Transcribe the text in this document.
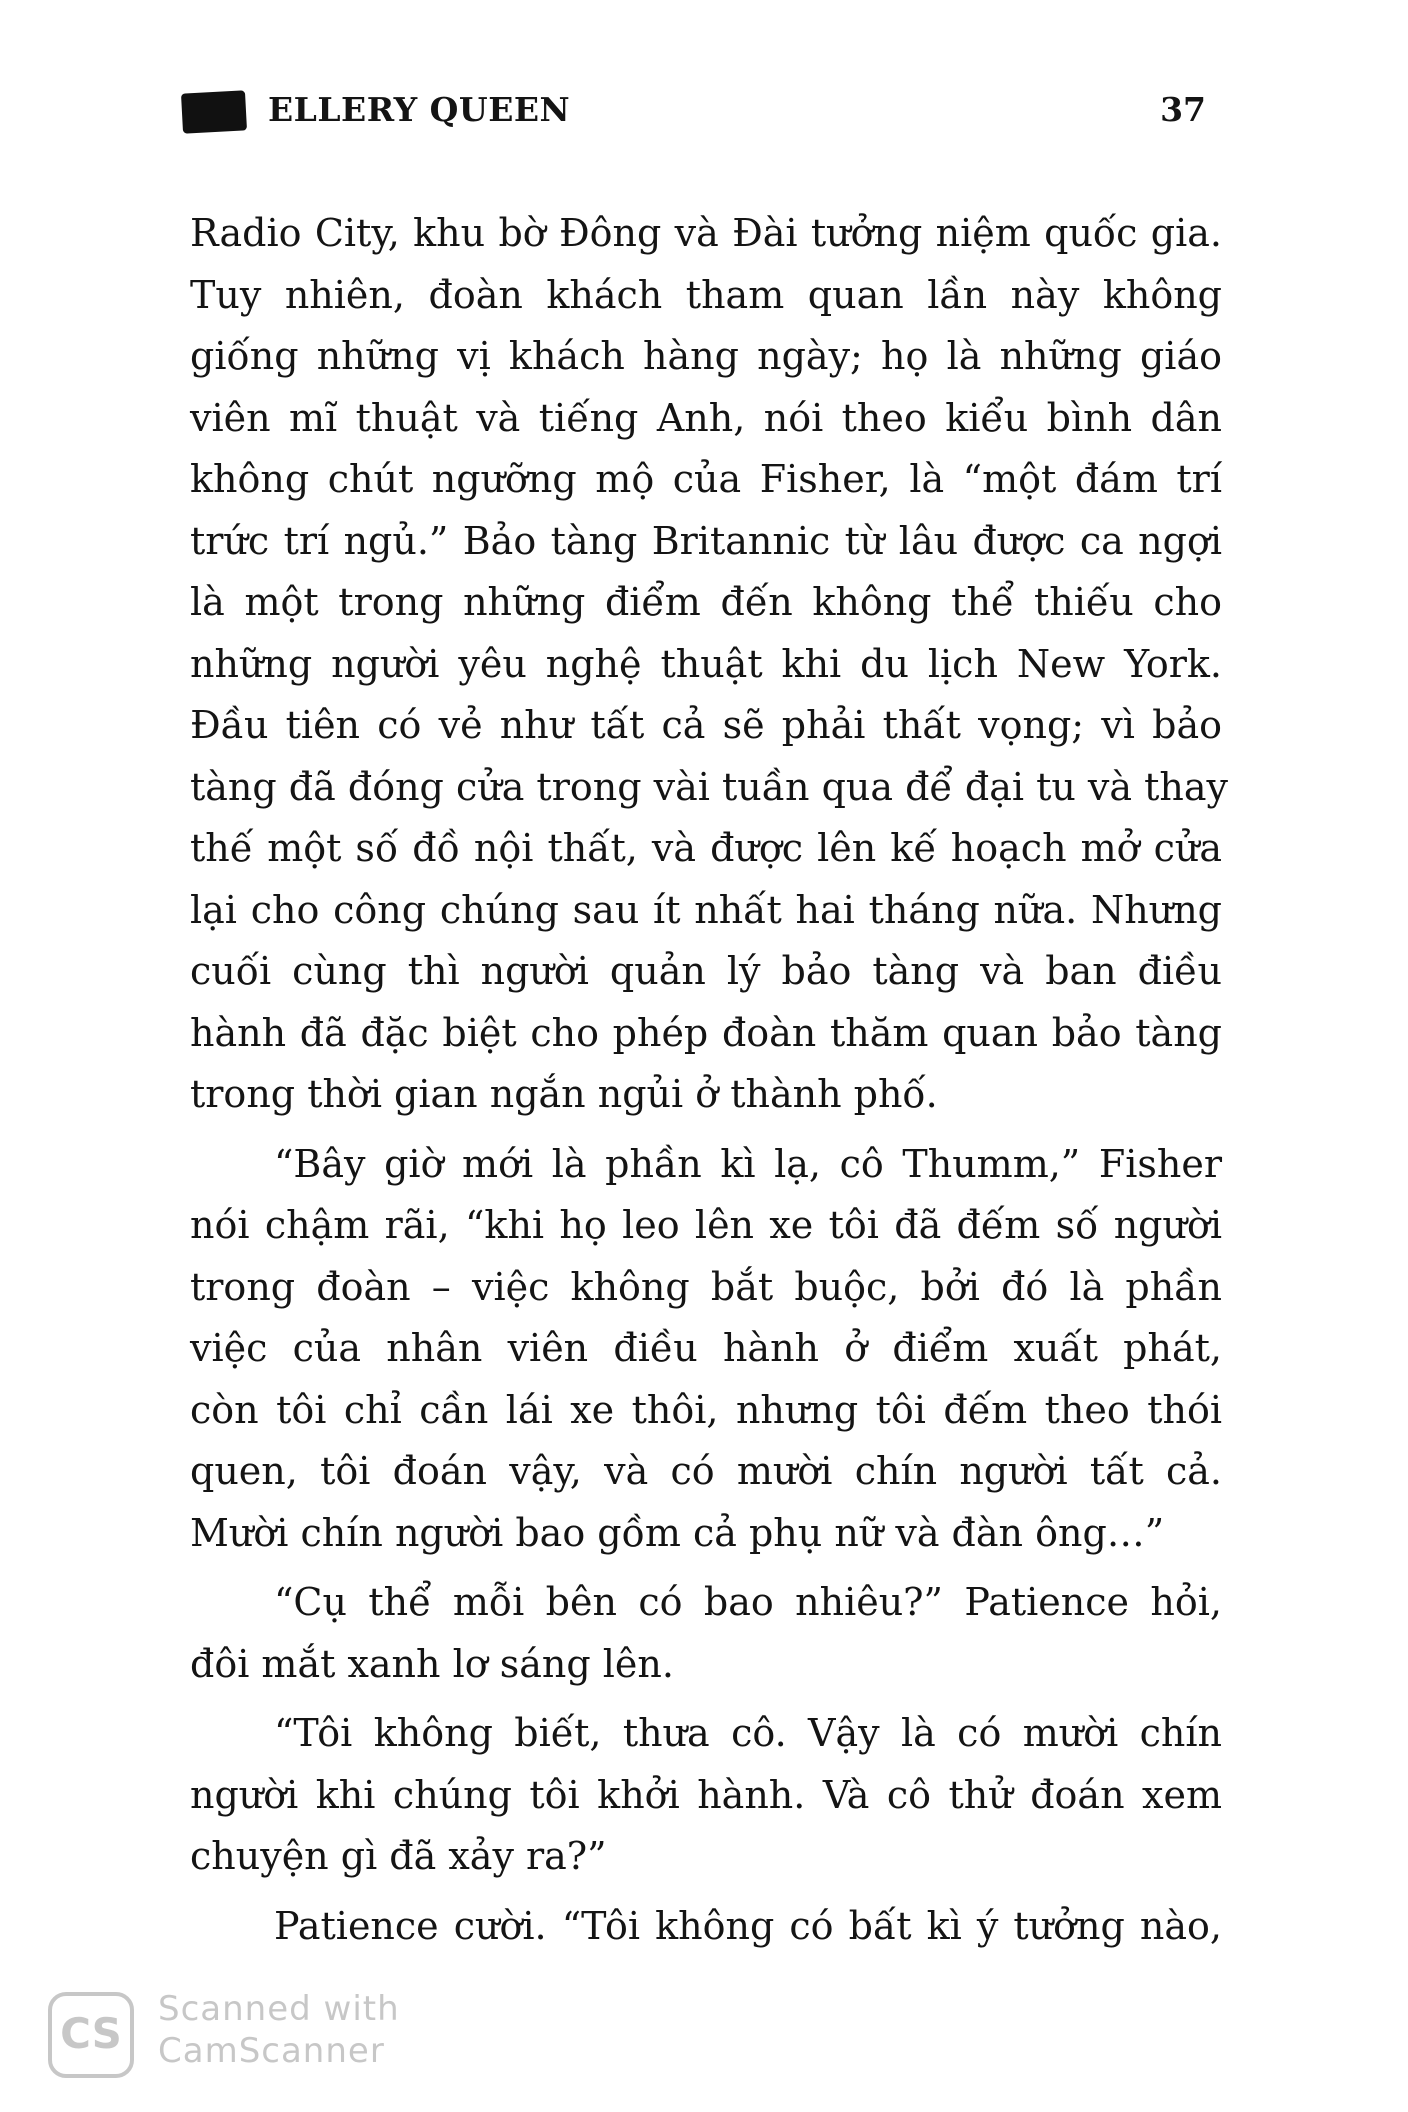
ELLERY QUEEN	37
Radio City, khu bờ Đông và Đài tưởng niệm quốc gia.
Tuy nhiên, đoàn khách tham quan lần này không
giống những vị khách hàng ngày; họ là những giáo
viên mĩ thuật và tiếng Anh, nói theo kiểu bình dân
không chút ngưỡng mộ của Fisher, là “một đám trí
trức trí ngủ.” Bảo tàng Britannic từ lâu được ca ngợi
là một trong những điểm đến không thể thiếu cho
những người yêu nghệ thuật khi du lịch New York.
Đầu tiên có vẻ như tất cả sẽ phải thất vọng; vì bảo
tàng đã đóng cửa trong vài tuần qua để đại tu và thay
thế một số đồ nội thất, và được lên kế hoạch mở cửa
lại cho công chúng sau ít nhất hai tháng nữa. Nhưng
cuối cùng thì người quản lý bảo tàng và ban điều
hành đã đặc biệt cho phép đoàn thăm quan bảo tàng
trong thời gian ngắn ngủi ở thành phố.
“Bây giờ mới là phần kì lạ, cô Thumm,” Fisher
nói chậm rãi, “khi họ leo lên xe tôi đã đếm số người
trong đoàn – việc không bắt buộc, bởi đó là phần
việc của nhân viên điều hành ở điểm xuất phát,
còn tôi chỉ cần lái xe thôi, nhưng tôi đếm theo thói
quen, tôi đoán vậy, và có mười chín người tất cả.
Mười chín người bao gồm cả phụ nữ và đàn ông…”
“Cụ thể mỗi bên có bao nhiêu?” Patience hỏi,
đôi mắt xanh lơ sáng lên.
“Tôi không biết, thưa cô. Vậy là có mười chín
người khi chúng tôi khởi hành. Và cô thử đoán xem
chuyện gì đã xảy ra?”
Patience cười. “Tôi không có bất kì ý tưởng nào,
CS	Scanned with
CamScanner
